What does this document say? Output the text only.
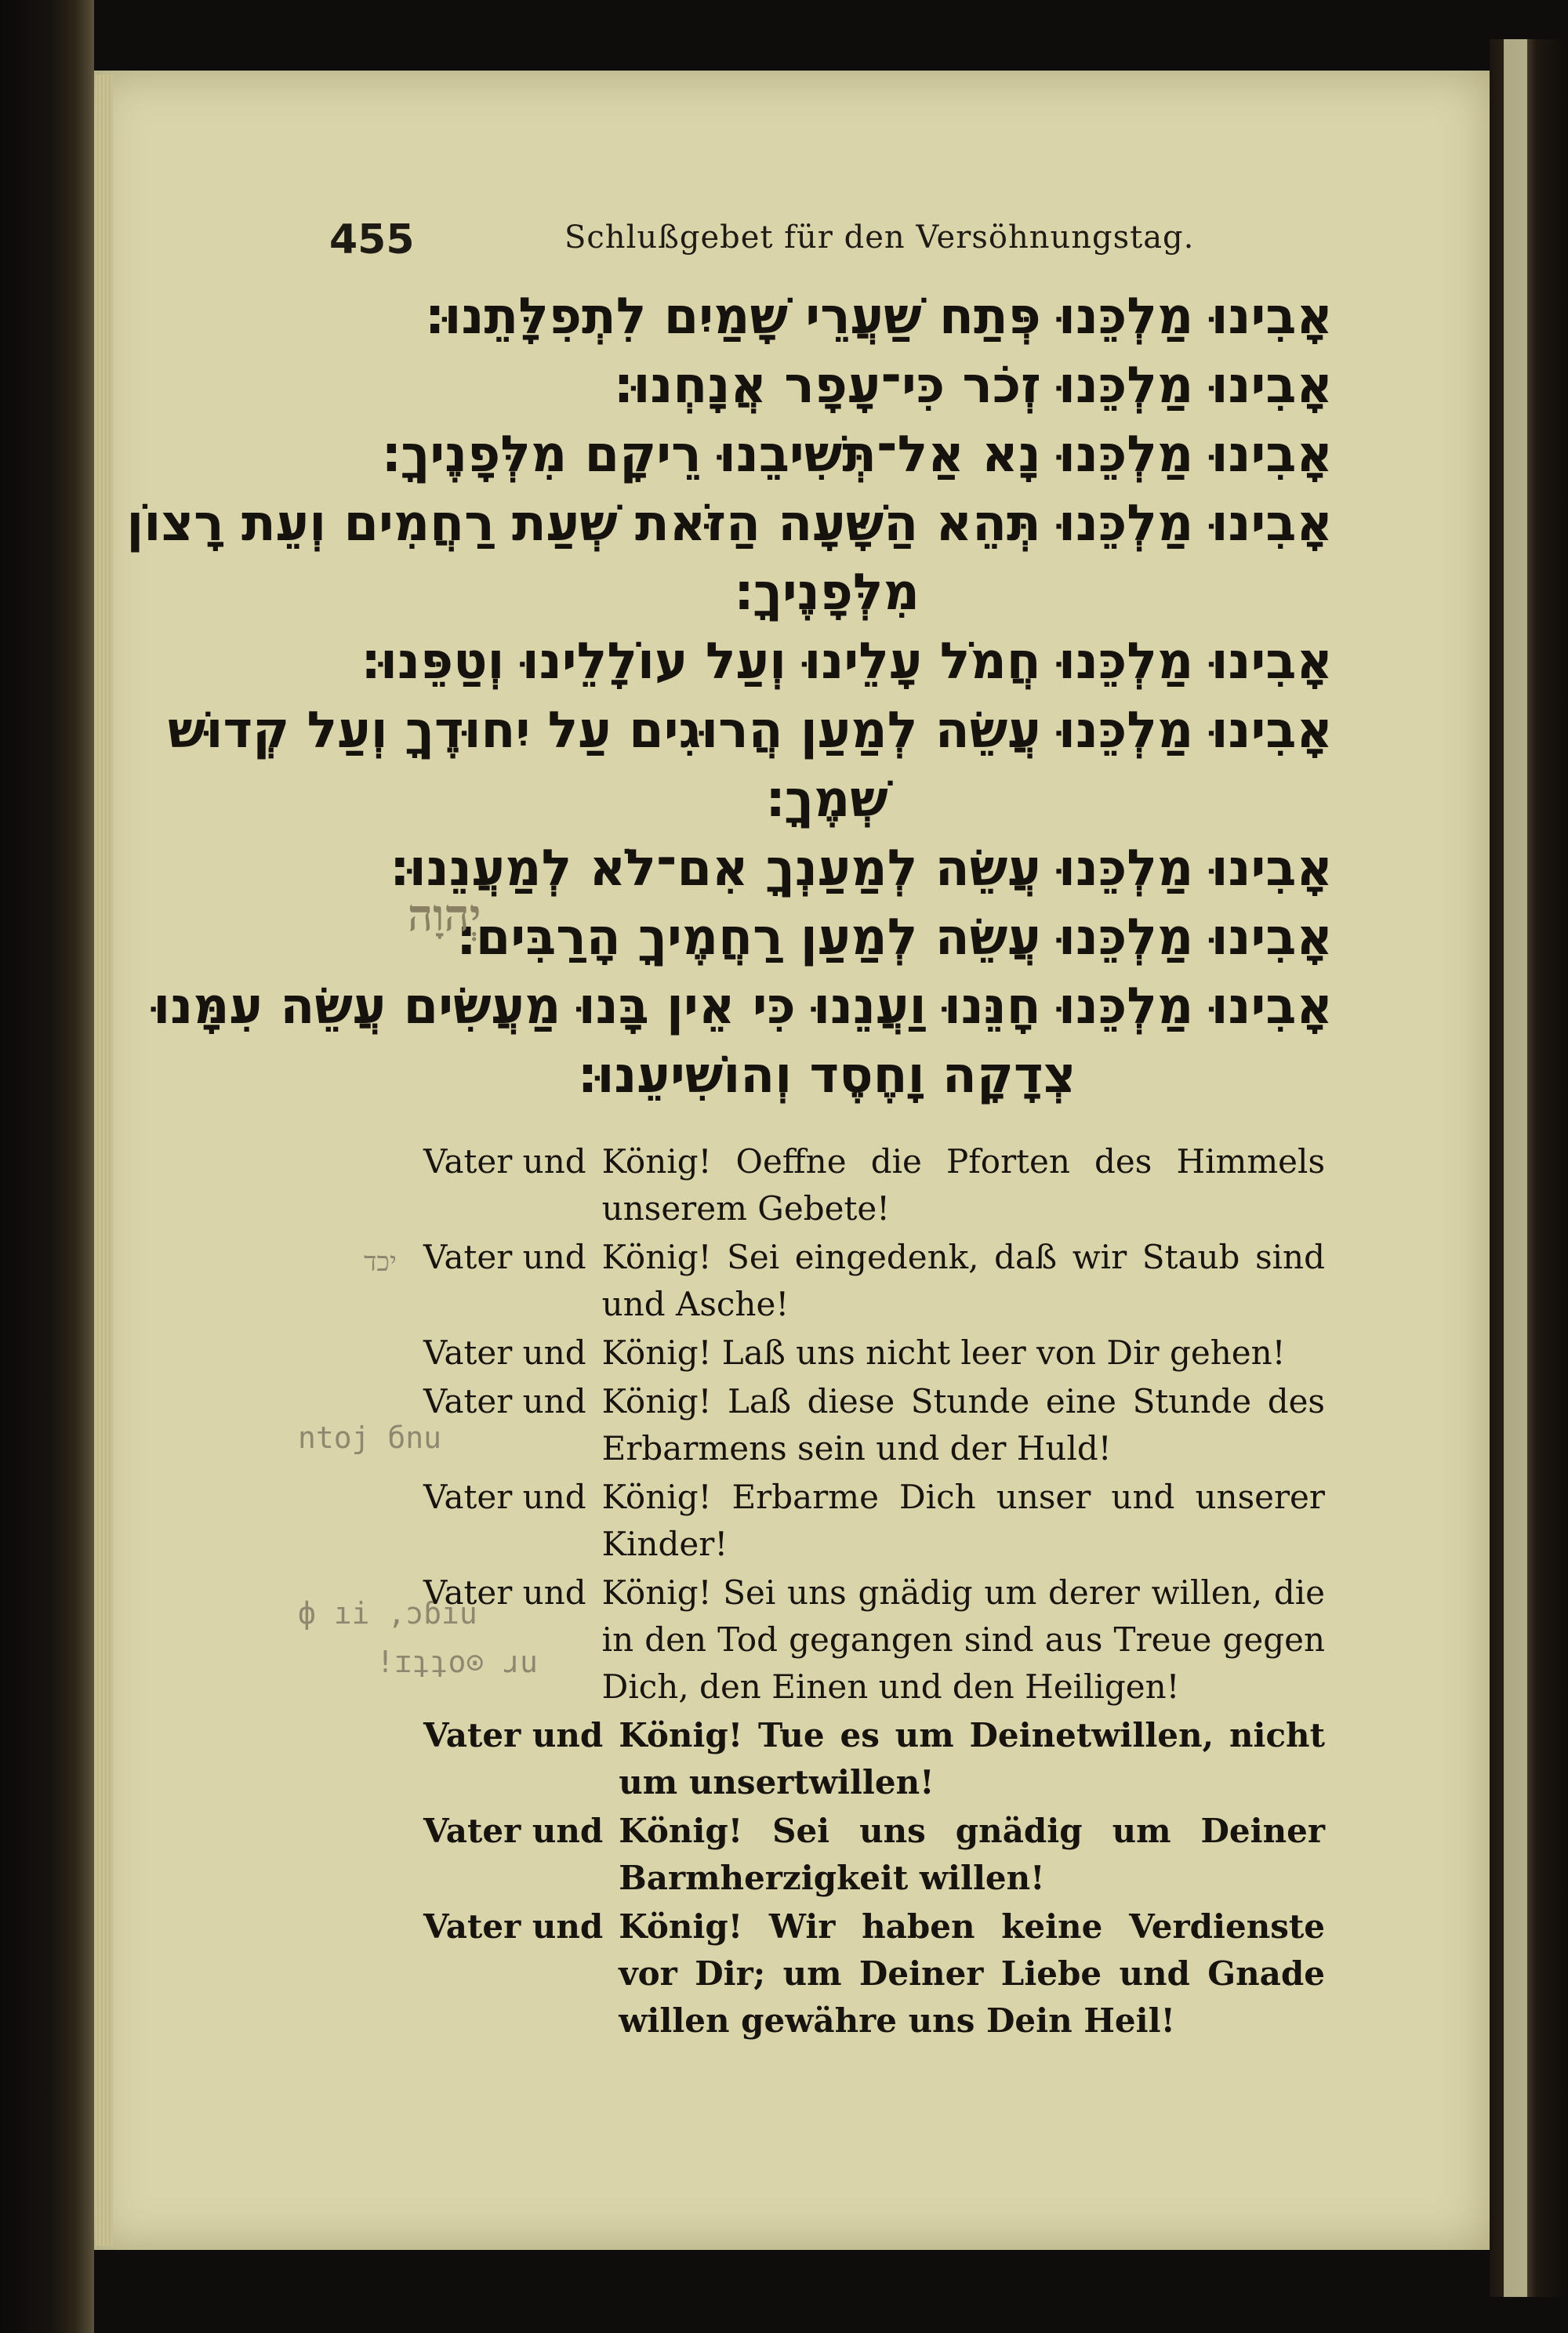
455	Schlußgebet für den Versöhnungstag.
אָבִינוּ מַלְכֵּנוּ פְּתַח שַׁעֲרֵי שָׁמַיִם לִתְפִלָּתֵנוּ׃
אָבִינוּ מַלְכֵּנוּ זְכֹר כִּי־עָפָר אֲנָחְנוּ׃
אָבִינוּ מַלְכֵּנוּ נָא אַל־תְּשִׁיבֵנוּ רֵיקָם מִלְּפָנֶיךָ׃
אָבִינוּ מַלְכֵּנוּ תְּהֵא הַשָּׁעָה הַזֹּאת שְׁעַת רַחֲמִים וְעֵת רָצוֹן
מִלְּפָנֶיךָ׃
אָבִינוּ מַלְכֵּנוּ חֲמֹל עָלֵינוּ וְעַל עוֹלָלֵינוּ וְטַפֵּנוּ׃
אָבִינוּ מַלְכֵּנוּ עֲשֵׂה לְמַעַן הֲרוּגִים עַל יִחוּדֶךָ וְעַל קְדוּשׁ
שְׁמֶךָ׃
אָבִינוּ מַלְכֵּנוּ עֲשֵׂה לְמַעַנְךָ אִם־לֹא לְמַעֲנֵנוּ׃
אָבִינוּ מַלְכֵּנוּ עֲשֵׂה לְמַעַן רַחֲמֶיךָ הָרַבִּים׃
אָבִינוּ מַלְכֵּנוּ חָנֵּנוּ וַעֲנֵנוּ כִּי אֵין בָּנוּ מַעֲשִׂים עֲשֵׂה עִמָּנוּ
צְדָקָה וָחֶסֶד וְהוֹשִׁיעֵנוּ׃
יְהוָה
יכד
ntoj бnu
ф ıi ,ɔɓıu
!ɪʇʇo⊙ ɹu
Vater und König! Oeffne die Pforten des Himmels unserem Gebete!
Vater und König! Sei eingedenk, daß wir Staub sind und Asche!
Vater und König! Laß uns nicht leer von Dir gehen!
Vater und König! Laß diese Stunde eine Stunde des Erbarmens sein und der Huld!
Vater und König! Erbarme Dich unser und unserer Kinder!
Vater und König! Sei uns gnädig um derer willen, die in den Tod gegangen sind aus Treue gegen Dich, den Einen und den Heiligen!
Vater und König! Tue es um Deinetwillen, nicht um unsertwillen!
Vater und König! Sei uns gnädig um Deiner Barmherzigkeit willen!
Vater und König! Wir haben keine Verdienste vor Dir; um Deiner Liebe und Gnade willen gewähre uns Dein Heil!
